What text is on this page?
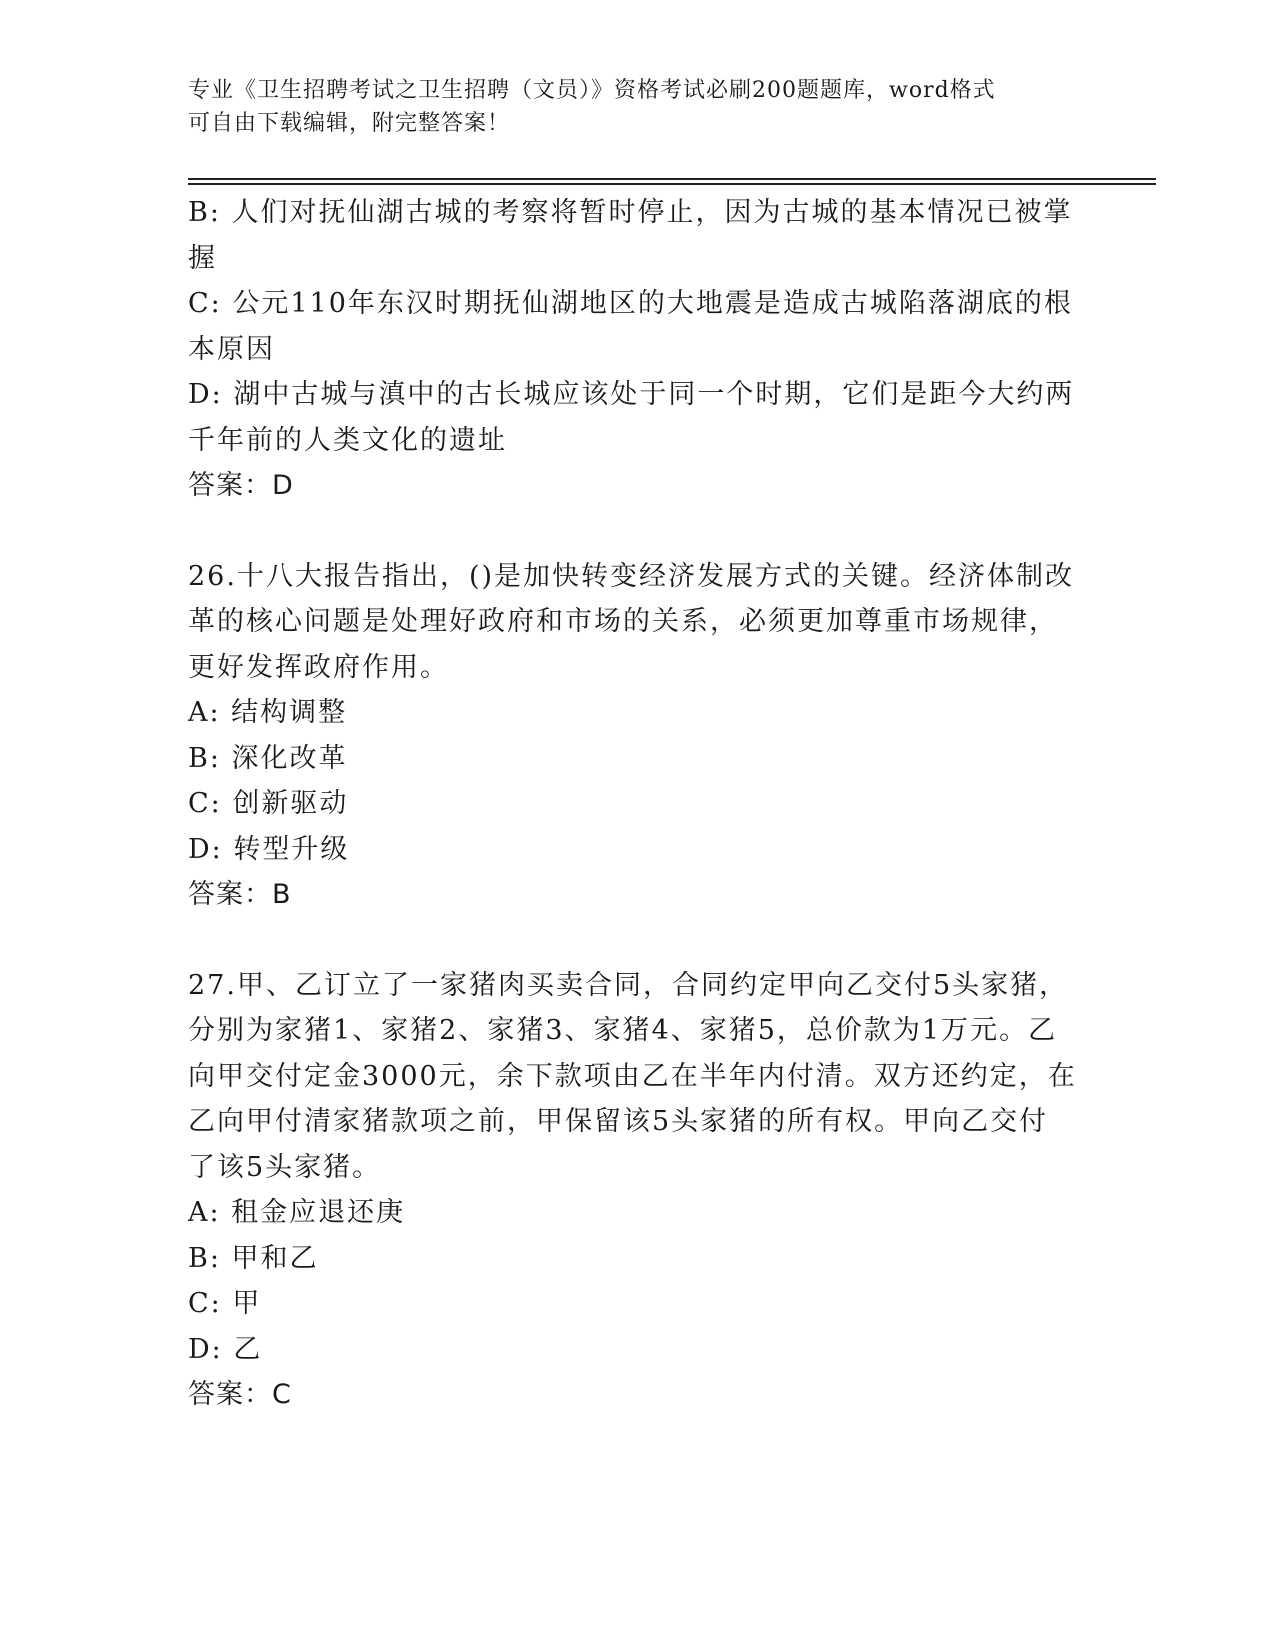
专业《卫生招聘考试之卫生招聘（文员）》资格考试必刷200题题库，word格式
可自由下载编辑，附完整答案！
B: 人们对抚仙湖古城的考察将暂时停止，因为古城的基本情况已被掌
握
C: 公元110年东汉时期抚仙湖地区的大地震是造成古城陷落湖底的根
本原因
D: 湖中古城与滇中的古长城应该处于同一个时期，它们是距今大约两
千年前的人类文化的遗址
答案：D
26.十八大报告指出，()是加快转变经济发展方式的关键。经济体制改
革的核心问题是处理好政府和市场的关系，必须更加尊重市场规律，
更好发挥政府作用。
A: 结构调整
B: 深化改革
C: 创新驱动
D: 转型升级
答案：B
27.甲、乙订立了一家猪肉买卖合同，合同约定甲向乙交付5头家猪，
分别为家猪1、家猪2、家猪3、家猪4、家猪5，总价款为1万元。乙
向甲交付定金3000元，余下款项由乙在半年内付清。双方还约定，在
乙向甲付清家猪款项之前，甲保留该5头家猪的所有权。甲向乙交付
了该5头家猪。
A: 租金应退还庚
B: 甲和乙
C: 甲
D: 乙
答案：C
